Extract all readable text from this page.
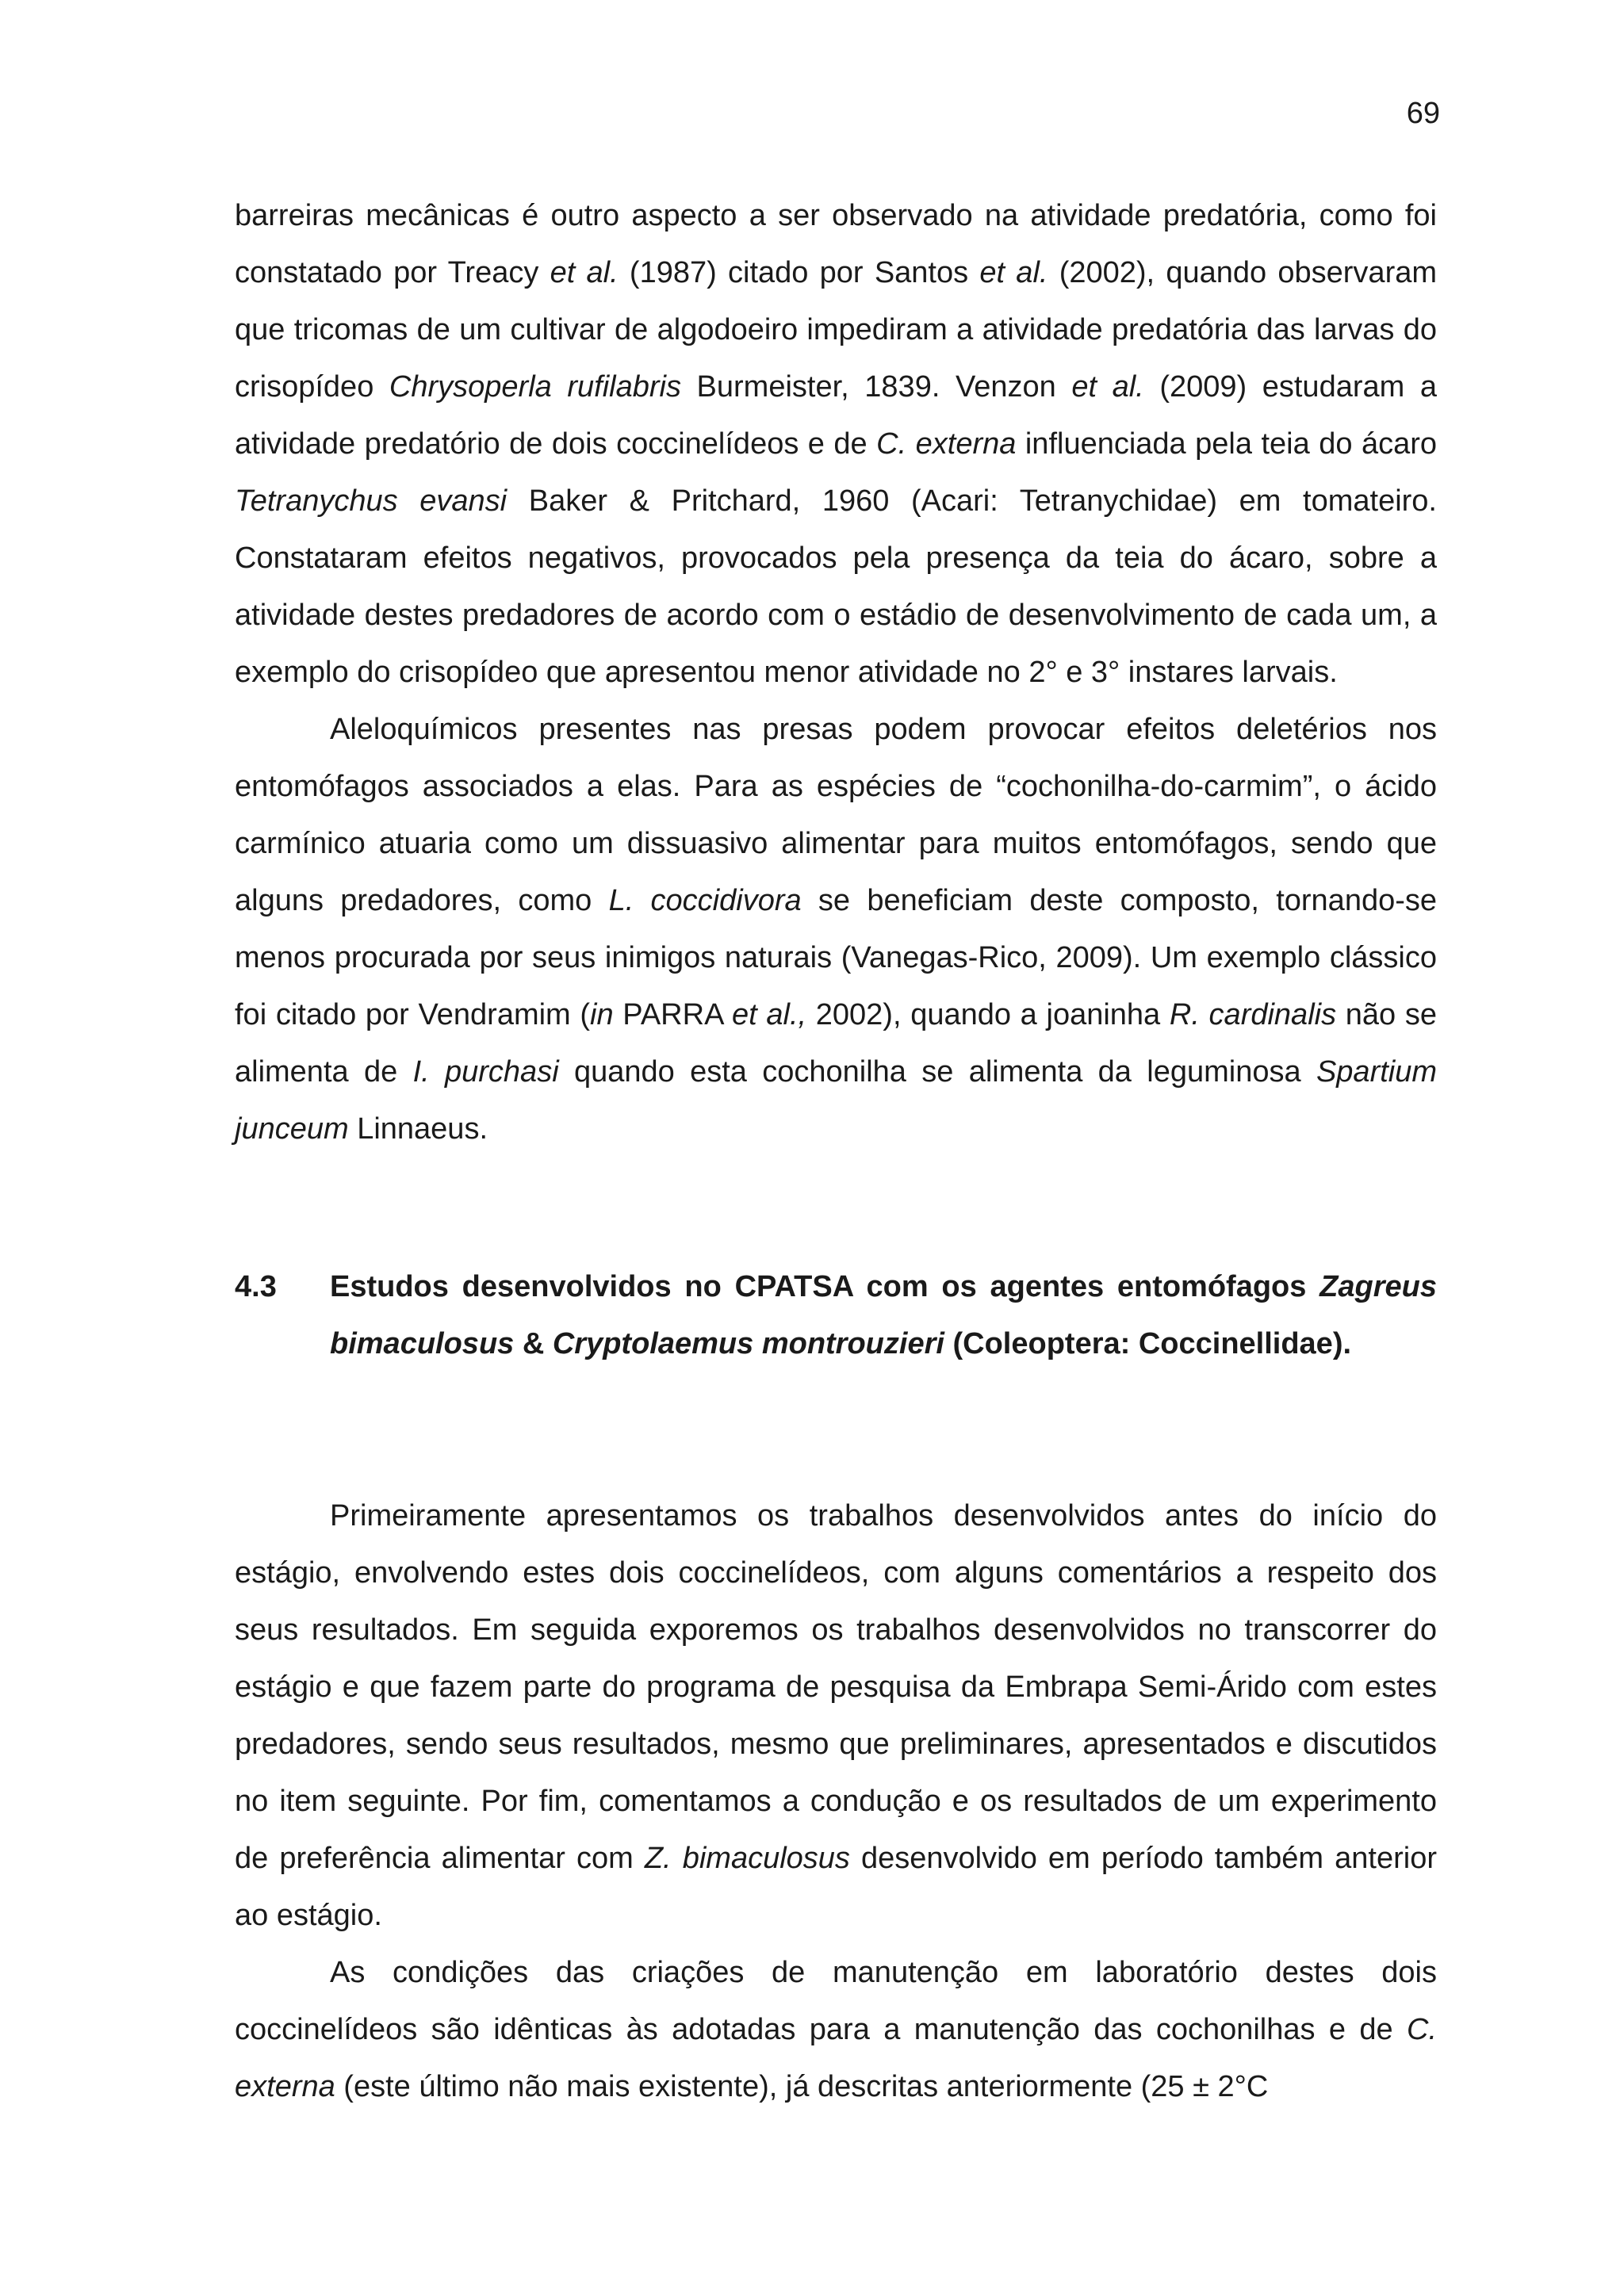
69

barreiras mecânicas é outro aspecto a ser observado na atividade predatória, como foi constatado por Treacy et al. (1987) citado por Santos et al. (2002), quando observaram que tricomas de um cultivar de algodoeiro impediram a atividade predatória das larvas do crisopídeo Chrysoperla rufilabris Burmeister, 1839. Venzon et al. (2009) estudaram a atividade predatório de dois coccinelídeos e de C. externa influenciada pela teia do ácaro Tetranychus evansi Baker & Pritchard, 1960 (Acari: Tetranychidae) em tomateiro. Constataram efeitos negativos, provocados pela presença da teia do ácaro, sobre a atividade destes predadores de acordo com o estádio de desenvolvimento de cada um, a exemplo do crisopídeo que apresentou menor atividade no 2° e 3° instares larvais.

Aleloquímicos presentes nas presas podem provocar efeitos deletérios nos entomófagos associados a elas. Para as espécies de “cochonilha-do-carmim”, o ácido carmínico atuaria como um dissuasivo alimentar para muitos entomófagos, sendo que alguns predadores, como L. coccidivora se beneficiam deste composto, tornando-se menos procurada por seus inimigos naturais (Vanegas-Rico, 2009). Um exemplo clássico foi citado por Vendramim (in PARRA et al., 2002), quando a joaninha R. cardinalis não se alimenta de I. purchasi quando esta cochonilha se alimenta da leguminosa Spartium junceum Linnaeus.

4.3	Estudos desenvolvidos no CPATSA com os agentes entomófagos Zagreus bimaculosus & Cryptolaemus montrouzieri (Coleoptera: Coccinellidae).

Primeiramente apresentamos os trabalhos desenvolvidos antes do início do estágio, envolvendo estes dois coccinelídeos, com alguns comentários a respeito dos seus resultados. Em seguida exporemos os trabalhos desenvolvidos no transcorrer do estágio e que fazem parte do programa de pesquisa da Embrapa Semi-Árido com estes predadores, sendo seus resultados, mesmo que preliminares, apresentados e discutidos no item seguinte. Por fim, comentamos a condução e os resultados de um experimento de preferência alimentar com Z. bimaculosus desenvolvido em período também anterior ao estágio.

As condições das criações de manutenção em laboratório destes dois coccinelídeos são idênticas às adotadas para a manutenção das cochonilhas e de C. externa (este último não mais existente), já descritas anteriormente (25 ± 2°C
